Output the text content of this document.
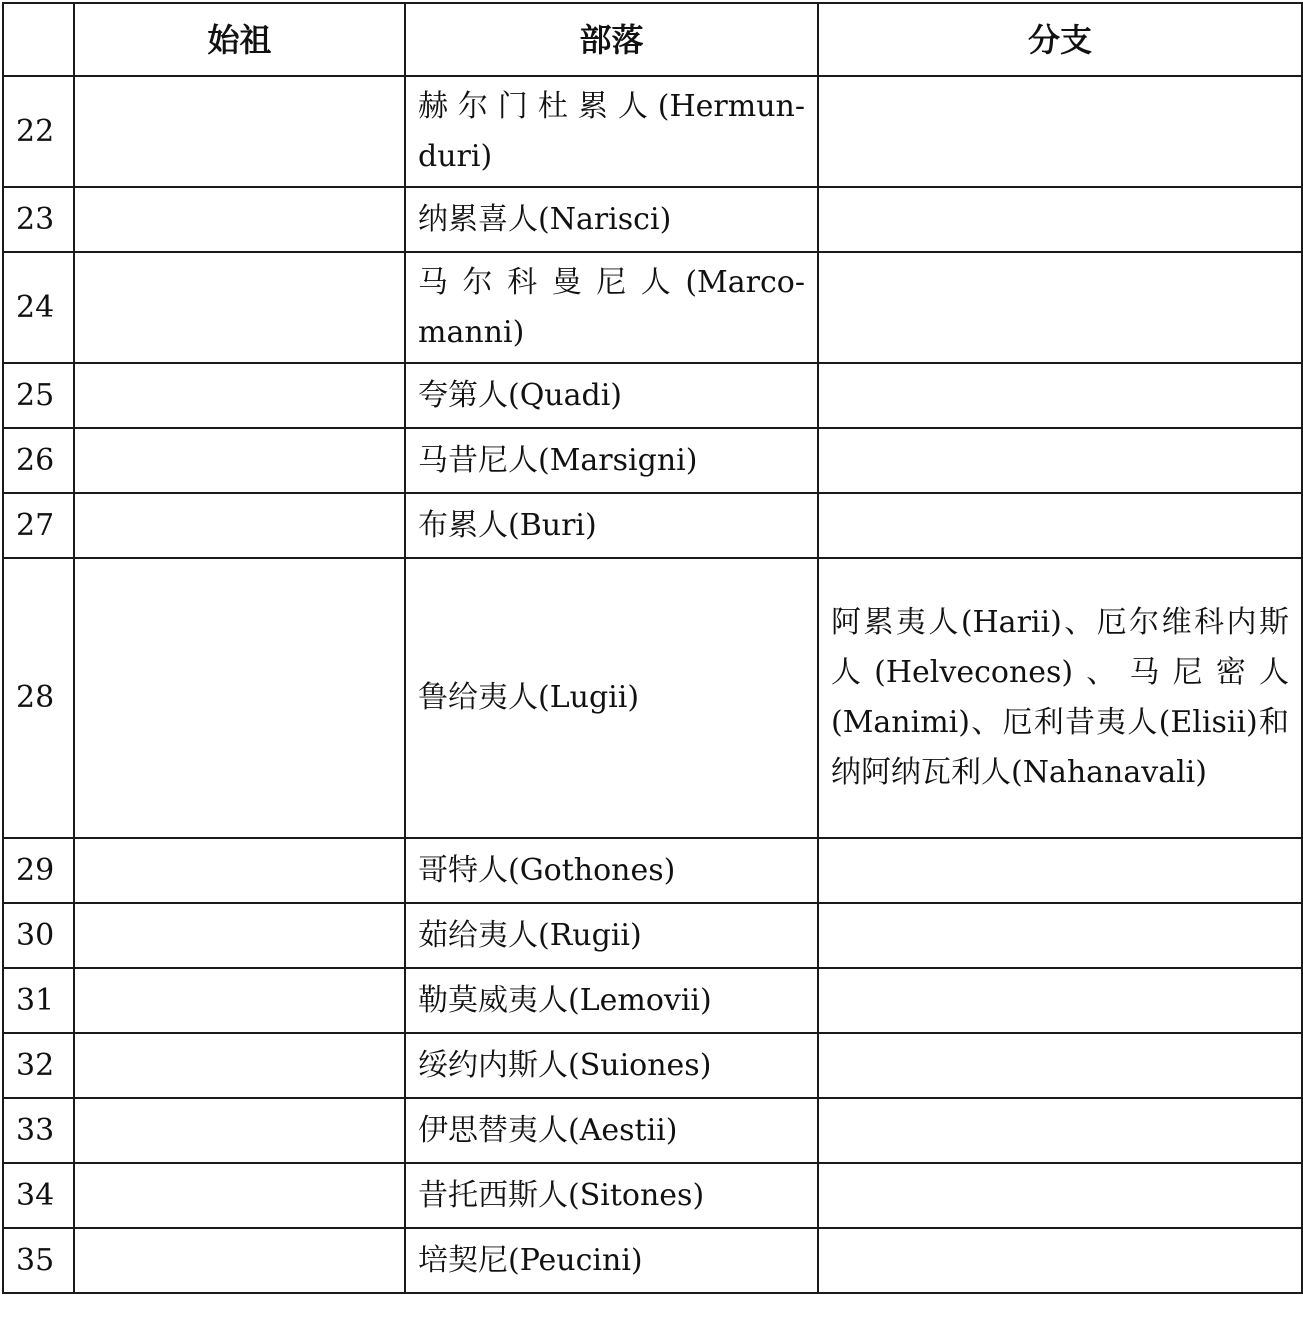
	始祖	部落	分支
22		赫尔门杜累人(Hermun-duri)	
23		纳累喜人(Narisci)	
24		马尔科曼尼人(Marco-manni)	
25		夸第人(Quadi)	
26		马昔尼人(Marsigni)	
27		布累人(Buri)	
28		鲁给夷人(Lugii)	阿累夷人(Harii)、厄尔维科内斯人(Helvecones)、马尼密人(Manimi)、厄利昔夷人(Elisii)和纳阿纳瓦利人(Nahanavali)
29		哥特人(Gothones)	
30		茹给夷人(Rugii)	
31		勒莫威夷人(Lemovii)	
32		绥约内斯人(Suiones)	
33		伊思替夷人(Aestii)	
34		昔托西斯人(Sitones)	
35		培契尼(Peucini)	
